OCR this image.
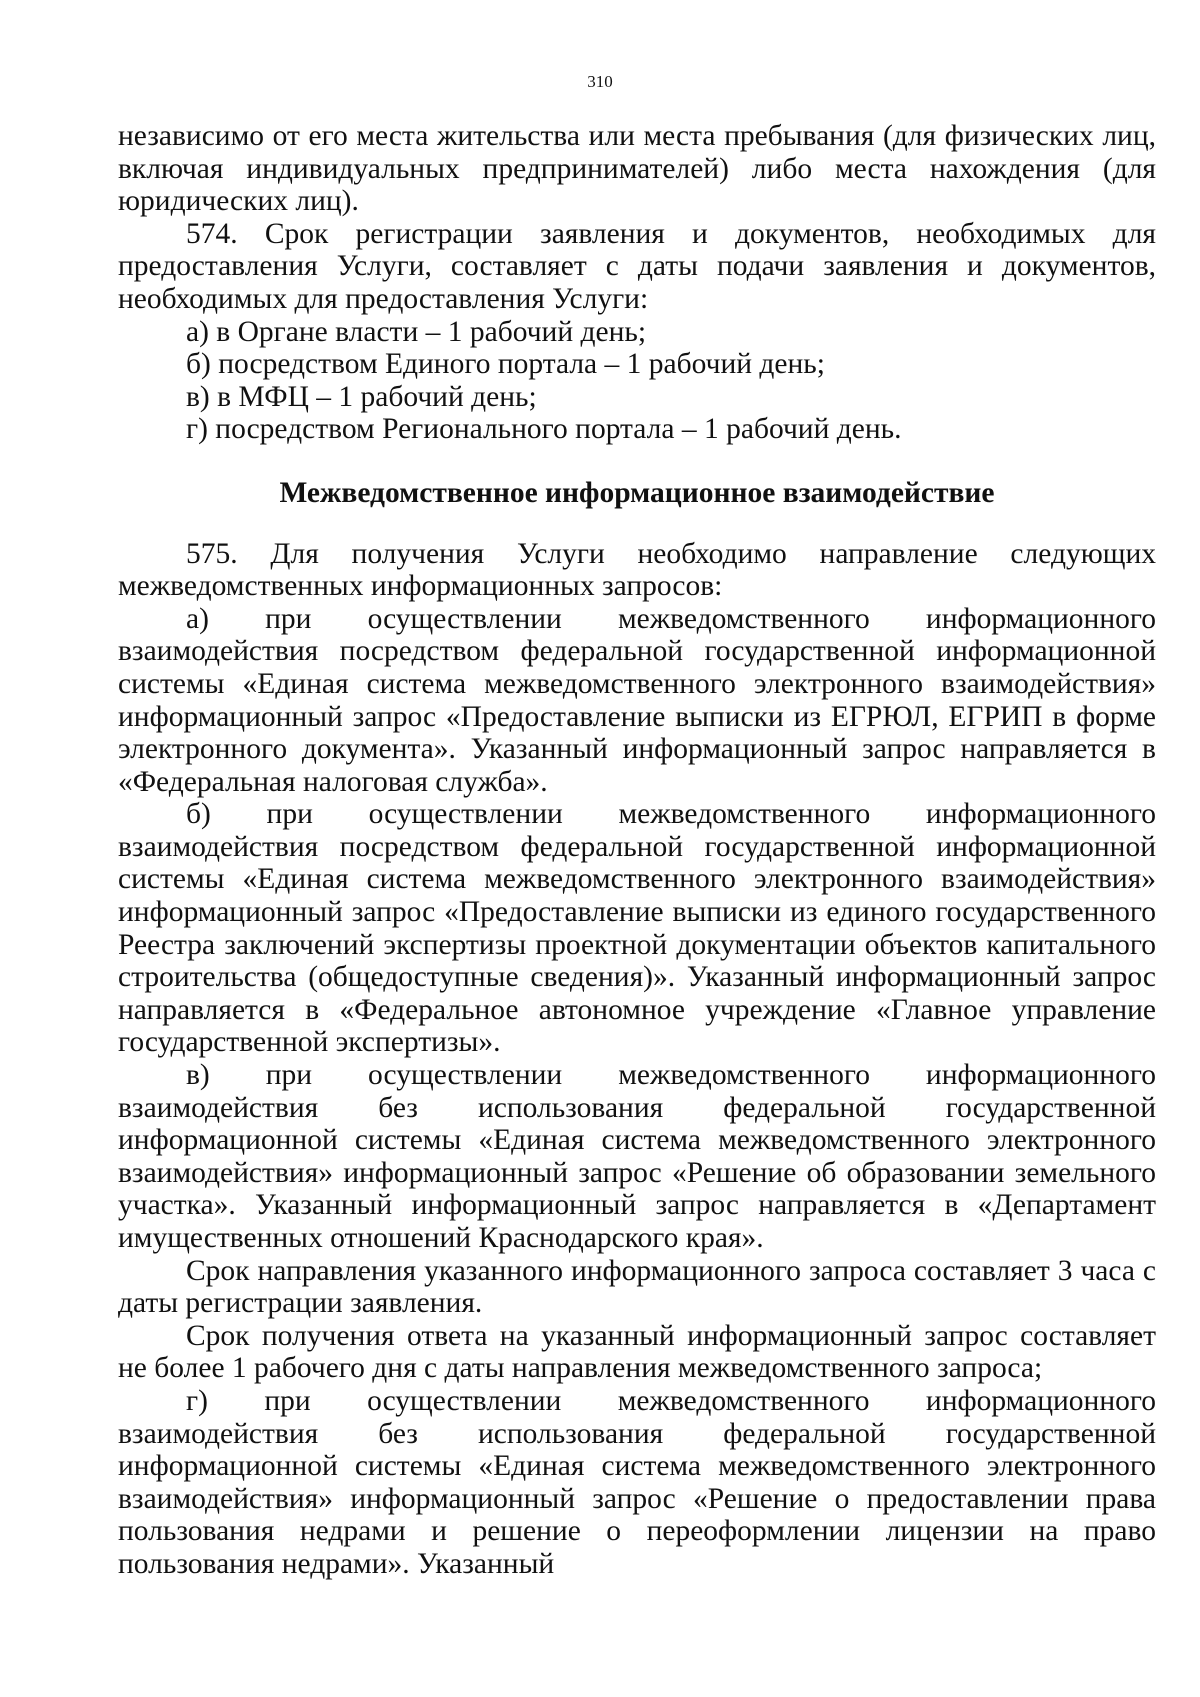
310

независимо от его места жительства или места пребывания (для физических лиц, включая индивидуальных предпринимателей) либо места нахождения (для юридических лиц).

574. Срок регистрации заявления и документов, необходимых для предоставления Услуги, составляет с даты подачи заявления и документов, необходимых для предоставления Услуги:

а) в Органе власти – 1 рабочий день;

б) посредством Единого портала – 1 рабочий день;

в) в МФЦ – 1 рабочий день;

г) посредством Регионального портала – 1 рабочий день.

Межведомственное информационное взаимодействие

575. Для получения Услуги необходимо направление следующих межведомственных информационных запросов:

а) при осуществлении межведомственного информационного взаимодействия посредством федеральной государственной информационной системы «Единая система межведомственного электронного взаимодействия» информационный запрос «Предоставление выписки из ЕГРЮЛ, ЕГРИП в форме электронного документа». Указанный информационный запрос направляется в «Федеральная налоговая служба».

б) при осуществлении межведомственного информационного взаимодействия посредством федеральной государственной информационной системы «Единая система межведомственного электронного взаимодействия» информационный запрос «Предоставление выписки из единого государственного Реестра заключений экспертизы проектной документации объектов капитального строительства (общедоступные сведения)». Указанный информационный запрос направляется в «Федеральное автономное учреждение «Главное управление государственной экспертизы».

в) при осуществлении межведомственного информационного взаимодействия без использования федеральной государственной информационной системы «Единая система межведомственного электронного взаимодействия» информационный запрос «Решение об образовании земельного участка». Указанный информационный запрос направляется в «Департамент имущественных отношений Краснодарского края».

Срок направления указанного информационного запроса составляет 3 часа с даты регистрации заявления.

Срок получения ответа на указанный информационный запрос составляет не более 1 рабочего дня с даты направления межведомственного запроса;

г) при осуществлении межведомственного информационного взаимодействия без использования федеральной государственной информационной системы «Единая система межведомственного электронного взаимодействия» информационный запрос «Решение о предоставлении права пользования недрами и решение о переоформлении лицензии на право пользования недрами». Указанный
